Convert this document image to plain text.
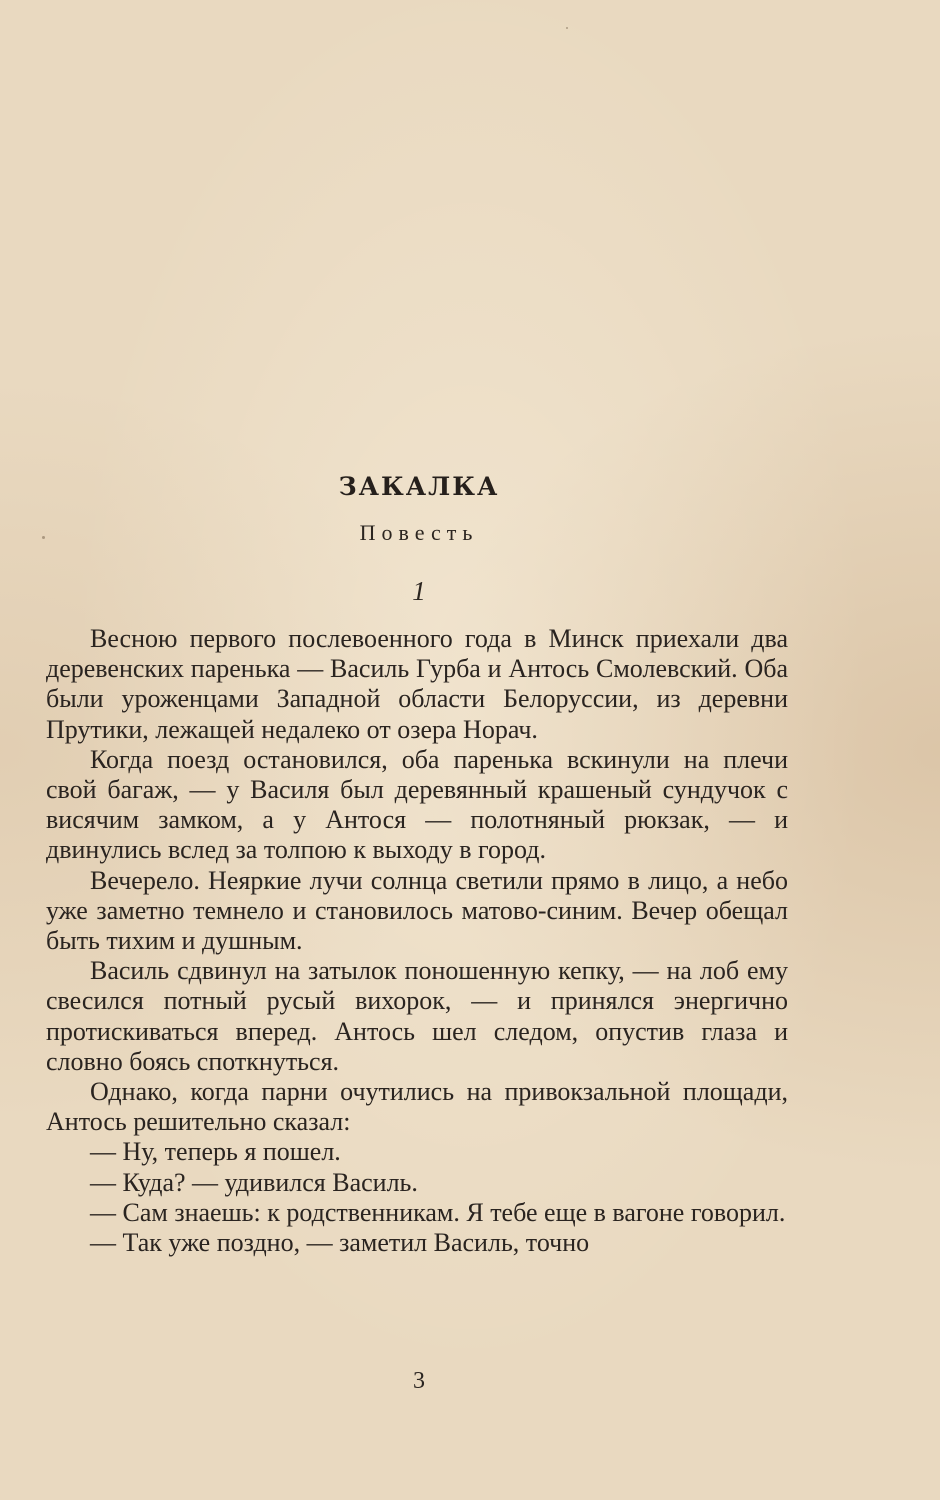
ЗАКАЛКА
Повесть
1

Весною первого послевоенного года в Минск приехали два деревенских паренька — Василь Гурба и Антось Смолевский. Оба были уроженцами Западной области Белоруссии, из деревни Прутики, лежащей недалеко от озера Норач.

Когда поезд остановился, оба паренька вскинули на плечи свой багаж, — у Василя был деревянный крашеный сундучок с висячим замком, а у Антося — полотняный рюкзак, — и двинулись вслед за толпою к выходу в город.

Вечерело. Неяркие лучи солнца светили прямо в лицо, а небо уже заметно темнело и становилось матово-синим. Вечер обещал быть тихим и душным.

Василь сдвинул на затылок поношенную кепку, — на лоб ему свесился потный русый вихорок, — и принялся энергично протискиваться вперед. Антось шел следом, опустив глаза и словно боясь споткнуться.

Однако, когда парни очутились на привокзальной площади, Антось решительно сказал:

— Ну, теперь я пошел.

— Куда? — удивился Василь.

— Сам знаешь: к родственникам. Я тебе еще в вагоне говорил.

— Так уже поздно, — заметил Василь, точно

3
